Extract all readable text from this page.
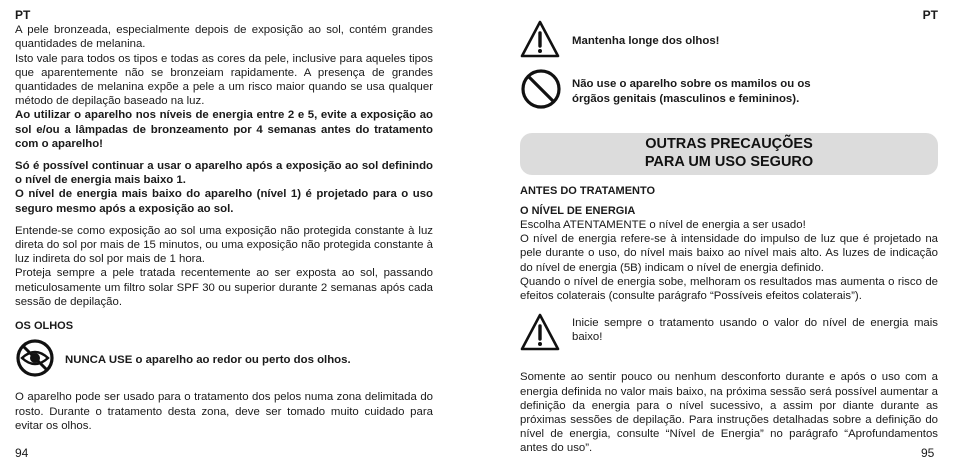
PT

A pele bronzeada, especialmente depois de exposição ao sol, contém grandes quantidades de melanina.

Isto vale para todos os tipos e todas as cores da pele, inclusive para aqueles tipos que aparentemente não se bronzeiam rapidamente. A presença de grandes quantidades de melanina expõe a pele a um risco maior quando se usa qualquer método de depilação baseado na luz.

Ao utilizar o aparelho nos níveis de energia entre 2 e 5, evite a exposição ao sol e/ou a lâmpadas de bronzeamento por 4 semanas antes do tratamento com o aparelho!

Só é possível continuar a usar o aparelho após a exposição ao sol definindo o nível de energia mais baixo 1.

O nível de energia mais baixo do aparelho (nível 1) é projetado para o uso seguro mesmo após a exposição ao sol.

Entende-se como exposição ao sol uma exposição não protegida constante à luz direta do sol por mais de 15 minutos, ou uma exposição não protegida constante à luz indireta do sol por mais de 1 hora.

Proteja sempre a pele tratada recentemente ao ser exposta ao sol, passando meticulosamente um filtro solar SPF 30 ou superior durante 2 semanas após cada sessão de depilação.

OS OLHOS

NUNCA USE o aparelho ao redor ou perto dos olhos.

O aparelho pode ser usado para o tratamento dos pelos numa zona delimitada do rosto. Durante o tratamento desta zona, deve ser tomado muito cuidado para evitar os olhos.

94

PT

Mantenha longe dos olhos!
Não use o aparelho sobre os mamilos ou os órgãos genitais (masculinos e femininos).
OUTRAS PRECAUÇÕES
PARA UM USO SEGURO

ANTES DO TRATAMENTO

O NÍVEL DE ENERGIA

Escolha ATENTAMENTE o nível de energia a ser usado!

O nível de energia refere-se à intensidade do impulso de luz que é projetado na pele durante o uso, do nível mais baixo ao nível mais alto. As luzes de indicação do nível de energia (5B) indicam o nível de energia definido.

Quando o nível de energia sobe, melhoram os resultados mas aumenta o risco de efeitos colaterais (consulte parágrafo “Possíveis efeitos colaterais”).

Inicie sempre o tratamento usando o valor do nível de energia mais baixo!

Somente ao sentir pouco ou nenhum desconforto durante e após o uso com a energia definida no valor mais baixo, na próxima sessão será possível aumentar a definição da energia para o nível sucessivo, a assim por diante durante as próximas sessões de depilação. Para instruções detalhadas sobre a definição do nível de energia, consulte “Nível de Energia” no parágrafo “Aprofundamentos antes do uso”.	95
